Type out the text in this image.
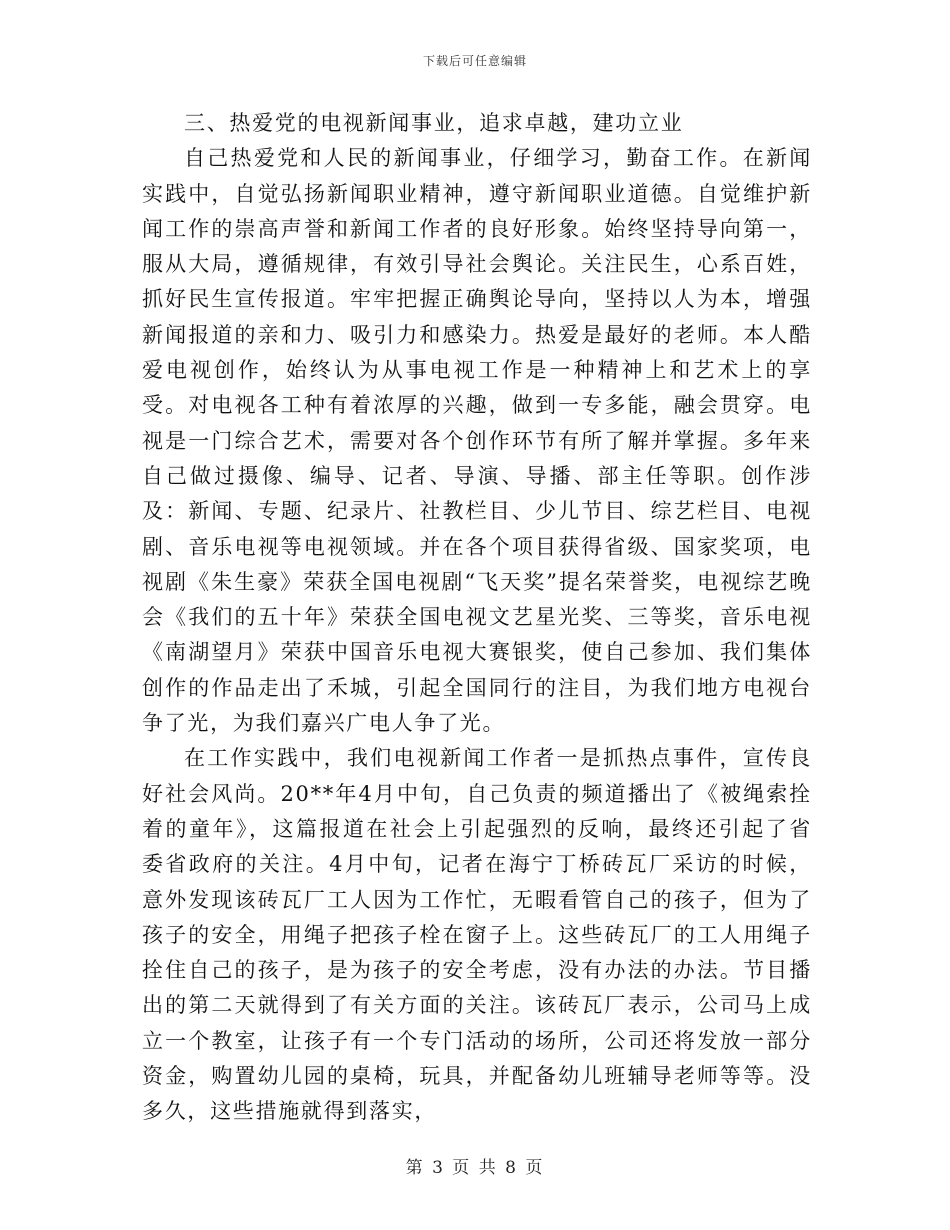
下载后可任意编辑

三、热爱党的电视新闻事业，追求卓越，建功立业

自己热爱党和人民的新闻事业，仔细学习，勤奋工作。在新闻实践中，自觉弘扬新闻职业精神，遵守新闻职业道德。自觉维护新闻工作的崇高声誉和新闻工作者的良好形象。始终坚持导向第一，服从大局，遵循规律，有效引导社会舆论。关注民生，心系百姓，抓好民生宣传报道。牢牢把握正确舆论导向，坚持以人为本，增强新闻报道的亲和力、吸引力和感染力。热爱是最好的老师。本人酷爱电视创作，始终认为从事电视工作是一种精神上和艺术上的享受。对电视各工种有着浓厚的兴趣，做到一专多能，融会贯穿。电视是一门综合艺术，需要对各个创作环节有所了解并掌握。多年来自己做过摄像、编导、记者、导演、导播、部主任等职。创作涉及：新闻、专题、纪录片、社教栏目、少儿节目、综艺栏目、电视剧、音乐电视等电视领域。并在各个项目获得省级、国家奖项，电视剧《朱生豪》荣获全国电视剧“飞天奖”提名荣誉奖，电视综艺晚会《我们的五十年》荣获全国电视文艺星光奖、三等奖，音乐电视《南湖望月》荣获中国音乐电视大赛银奖，使自己参加、我们集体创作的作品走出了禾城，引起全国同行的注目，为我们地方电视台争了光，为我们嘉兴广电人争了光。

在工作实践中，我们电视新闻工作者一是抓热点事件，宣传良好社会风尚。20**年4月中旬，自己负责的频道播出了《被绳索拴着的童年》，这篇报道在社会上引起强烈的反响，最终还引起了省委省政府的关注。4月中旬，记者在海宁丁桥砖瓦厂采访的时候，意外发现该砖瓦厂工人因为工作忙，无暇看管自己的孩子，但为了孩子的安全，用绳子把孩子栓在窗子上。这些砖瓦厂的工人用绳子拴住自己的孩子，是为孩子的安全考虑，没有办法的办法。节目播出的第二天就得到了有关方面的关注。该砖瓦厂表示，公司马上成立一个教室，让孩子有一个专门活动的场所，公司还将发放一部分资金，购置幼儿园的桌椅，玩具，并配备幼儿班辅导老师等等。没多久，这些措施就得到落实，

第 3 页 共 8 页
